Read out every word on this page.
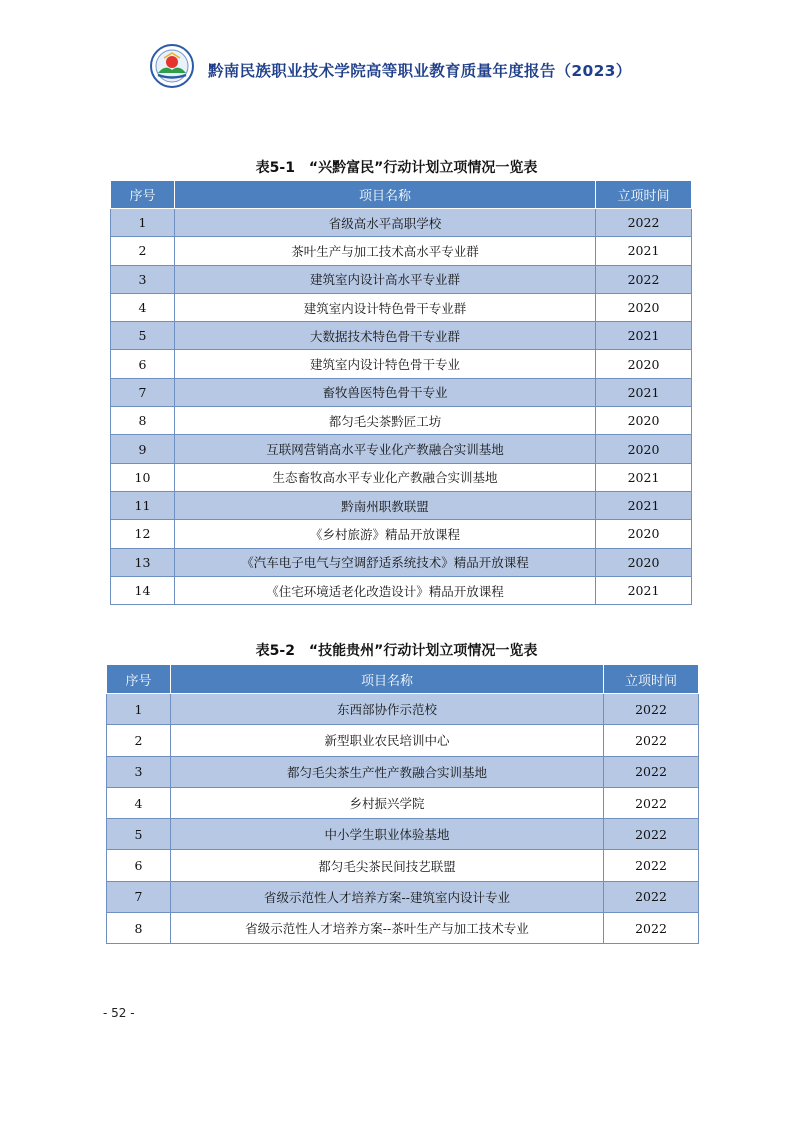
黔南民族职业技术学院高等职业教育质量年度报告（2023）
表5-1　“兴黔富民”行动计划立项情况一览表
序号	项目名称	立项时间
1	省级高水平高职学校	2022
2	茶叶生产与加工技术高水平专业群	2021
3	建筑室内设计高水平专业群	2022
4	建筑室内设计特色骨干专业群	2020
5	大数据技术特色骨干专业群	2021
6	建筑室内设计特色骨干专业	2020
7	畜牧兽医特色骨干专业	2021
8	都匀毛尖茶黔匠工坊	2020
9	互联网营销高水平专业化产教融合实训基地	2020
10	生态畜牧高水平专业化产教融合实训基地	2021
11	黔南州职教联盟	2021
12	《乡村旅游》精品开放课程	2020
13	《汽车电子电气与空调舒适系统技术》精品开放课程	2020
14	《住宅环境适老化改造设计》精品开放课程	2021
表5-2　“技能贵州”行动计划立项情况一览表
序号	项目名称	立项时间
1	东西部协作示范校	2022
2	新型职业农民培训中心	2022
3	都匀毛尖茶生产性产教融合实训基地	2022
4	乡村振兴学院	2022
5	中小学生职业体验基地	2022
6	都匀毛尖茶民间技艺联盟	2022
7	省级示范性人才培养方案--建筑室内设计专业	2022
8	省级示范性人才培养方案--茶叶生产与加工技术专业	2022
- 52 -
